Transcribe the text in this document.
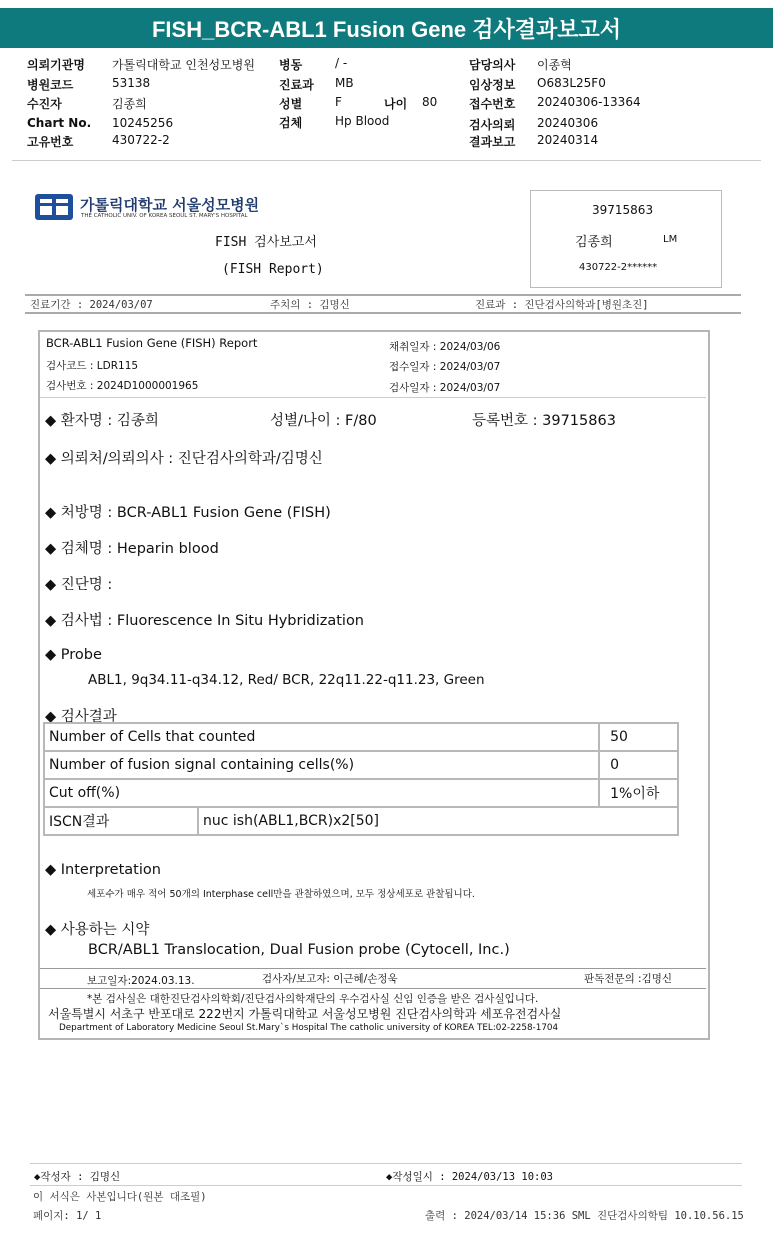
FISH_BCR-ABL1 Fusion Gene 검사결과보고서
의뢰기관명 가톨릭대학교 인천성모병원
병원코드	53138
수진자	김종희
Chart No. 10245256
고유번호	430722-2
병동	/ -
진료과 MB
성별	F	나이 80
검체	Hp Blood
담당의사 이종혁
임상정보 O683L25F0
접수번호 20240306-13364
검사의뢰 20240306
결과보고 20240314
가톨릭대학교 서울성모병원
THE CATHOLIC UNIV. OF KOREA SEOUL ST. MARY'S HOSPITAL
FISH 검사보고서
(FISH Report)
39715863
김종희	LM
430722-2******
진료기간 : 2024/03/07	주치의 : 김명신	진료과 : 진단검사의학과[병원초진]
BCR-ABL1 Fusion Gene (FISH) Report
검사코드 : LDR115
검사번호 : 2024D1000001965
채취일자 : 2024/03/06
접수일자 : 2024/03/07
검사일자 : 2024/03/07
◆ 환자명 : 김종희	성별/나이 : F/80	등록번호 : 39715863
◆ 의뢰처/의뢰의사 : 진단검사의학과/김명신
◆ 처방명 : BCR-ABL1 Fusion Gene (FISH)
◆ 검체명 : Heparin blood
◆ 진단명 :
◆ 검사법 : Fluorescence In Situ Hybridization
◆ Probe
ABL1, 9q34.11-q34.12, Red/ BCR, 22q11.22-q11.23, Green
◆ 검사결과
Number of Cells that counted		50
Number of fusion signal containing cells(%)		0
Cut off(%)		1%이하
ISCN결과	nuc ish(ABL1,BCR)x2[50]	
◆ Interpretation
세포수가 매우 적어 50개의 Interphase cell만을 관찰하였으며, 모두 정상세포로 관찰됩니다.
◆ 사용하는 시약
BCR/ABL1 Translocation, Dual Fusion probe (Cytocell, Inc.)
보고일자:2024.03.13.	검사자/보고자: 이근혜/손정욱	판독전문의 :김명신
*본 검사실은 대한진단검사의학회/진단검사의학재단의 우수검사실 신임 인증을 받은 검사실입니다.
서울특별시 서초구 반포대로 222번지 가톨릭대학교 서울성모병원 진단검사의학과 세포유전검사실
Department of Laboratory Medicine Seoul St.Mary`s Hospital The catholic university of KOREA TEL:02-2258-1704
◆작성자 : 김명신	◆작성일시 : 2024/03/13 10:03
이 서식은 사본입니다(원본 대조필)
페이지: 1/ 1	출력 : 2024/03/14 15:36 SML 진단검사의학팀 10.10.56.15
